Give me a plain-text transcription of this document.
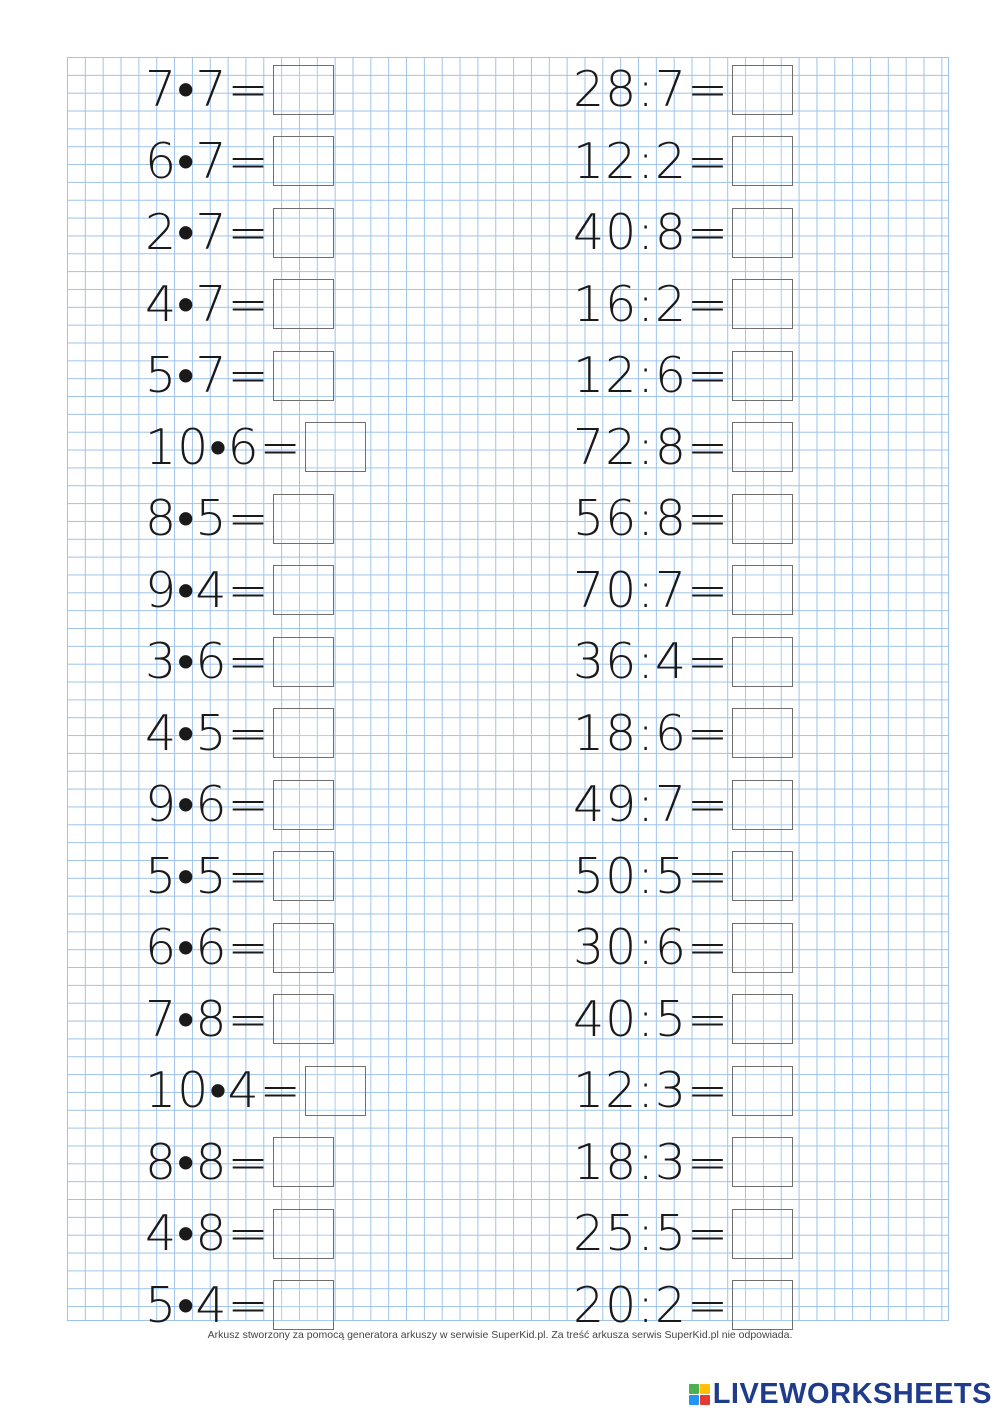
7•7=
6•7=
2•7=
4•7=
5•7=
10•6=
8•5=
9•4=
3•6=
4•5=
9•6=
5•5=
6•6=
7•8=
10•4=
8•8=
4•8=
5•4=
28:7=
12:2=
40:8=
16:2=
12:6=
72:8=
56:8=
70:7=
36:4=
18:6=
49:7=
50:5=
30:6=
40:5=
12:3=
18:3=
25:5=
20:2=
Arkusz stworzony za pomocą generatora arkuszy w serwisie SuperKid.pl. Za treść arkusza serwis SuperKid.pl nie odpowiada.
LIVEWORKSHEETS
